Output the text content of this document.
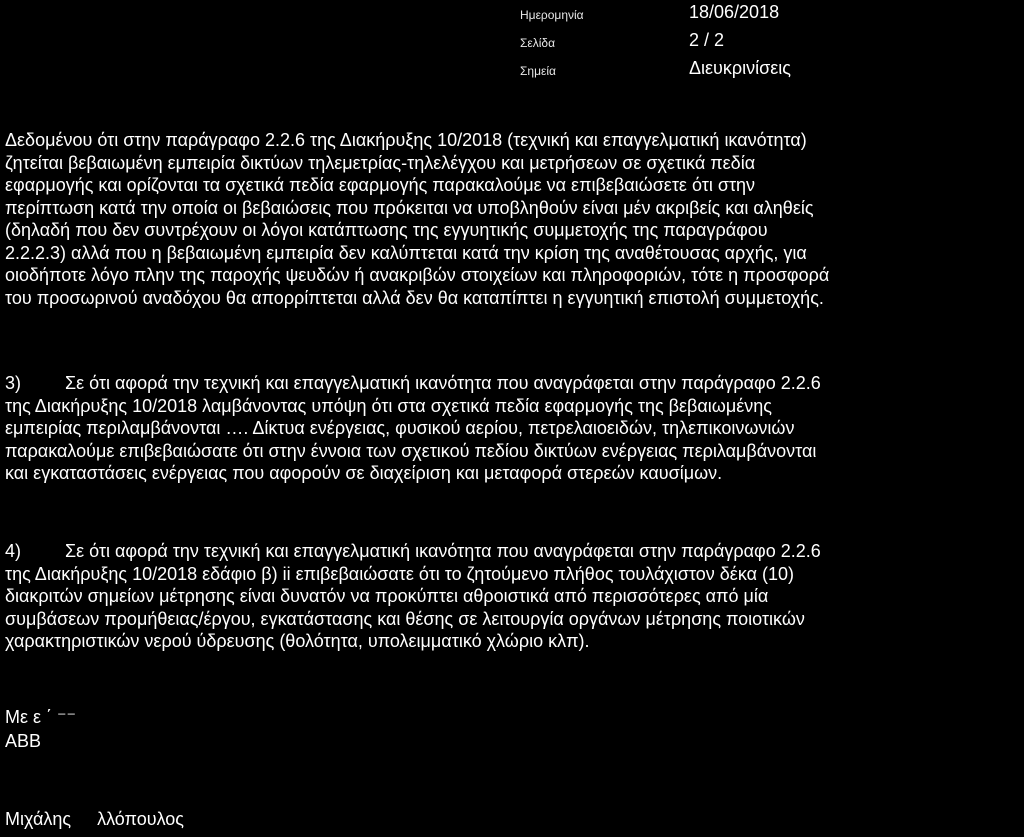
Ημερομηνία	18/06/2018
Σελίδα	2 / 2
Σημεία	Διευκρινίσεις
Δεδομένου ότι στην παράγραφο 2.2.6 της Διακήρυξης 10/2018 (τεχνική και επαγγελματική ικανότητα)
ζητείται βεβαιωμένη εμπειρία δικτύων τηλεμετρίας-τηλελέγχου και μετρήσεων σε σχετικά πεδία
εφαρμογής και ορίζονται τα σχετικά πεδία εφαρμογής παρακαλούμε να επιβεβαιώσετε ότι στην
περίπτωση κατά την οποία οι βεβαιώσεις που πρόκειται να υποβληθούν είναι μέν ακριβείς και αληθείς
(δηλαδή που δεν συντρέχουν οι λόγοι κατάπτωσης της εγγυητικής συμμετοχής της παραγράφου
2.2.2.3) αλλά που η βεβαιωμένη εμπειρία δεν καλύπτεται κατά την κρίση της αναθέτουσας αρχής, για
οιοδήποτε λόγο πλην της παροχής ψευδών ή ανακριβών στοιχείων και πληροφοριών, τότε η προσφορά
του προσωρινού αναδόχου θα απορρίπτεται αλλά δεν θα καταπίπτει η εγγυητική επιστολή συμμετοχής.
3) Σε ότι αφορά την τεχνική και επαγγελματική ικανότητα που αναγράφεται στην παράγραφο 2.2.6
της Διακήρυξης 10/2018 λαμβάνοντας υπόψη ότι στα σχετικά πεδία εφαρμογής της βεβαιωμένης
εμπειρίας περιλαμβάνονται …. Δίκτυα ενέργειας, φυσικού αερίου, πετρελαιοειδών, τηλεπικοινωνιών
παρακαλούμε επιβεβαιώσατε ότι στην έννοια των σχετικού πεδίου δικτύων ενέργειας περιλαμβάνονται
και εγκαταστάσεις ενέργειας που αφορούν σε διαχείριση και μεταφορά στερεών καυσίμων.
4) Σε ότι αφορά την τεχνική και επαγγελματική ικανότητα που αναγράφεται στην παράγραφο 2.2.6
της Διακήρυξης 10/2018 εδάφιο β) ii επιβεβαιώσατε ότι το ζητούμενο πλήθος τουλάχιστον δέκα (10)
διακριτών σημείων μέτρησης είναι δυνατόν να προκύπτει αθροιστικά από περισσότερες από μία
συμβάσεων προμήθειας/έργου, εγκατάστασης και θέσης σε λειτουργία οργάνων μέτρησης ποιοτικών
χαρακτηριστικών νερού ύδρευσης (θολότητα, υπολειμματικό χλώριο κλπ).
Με ε ΄ ⁻⁻
ABB
Μιχάλης λλόπουλος
